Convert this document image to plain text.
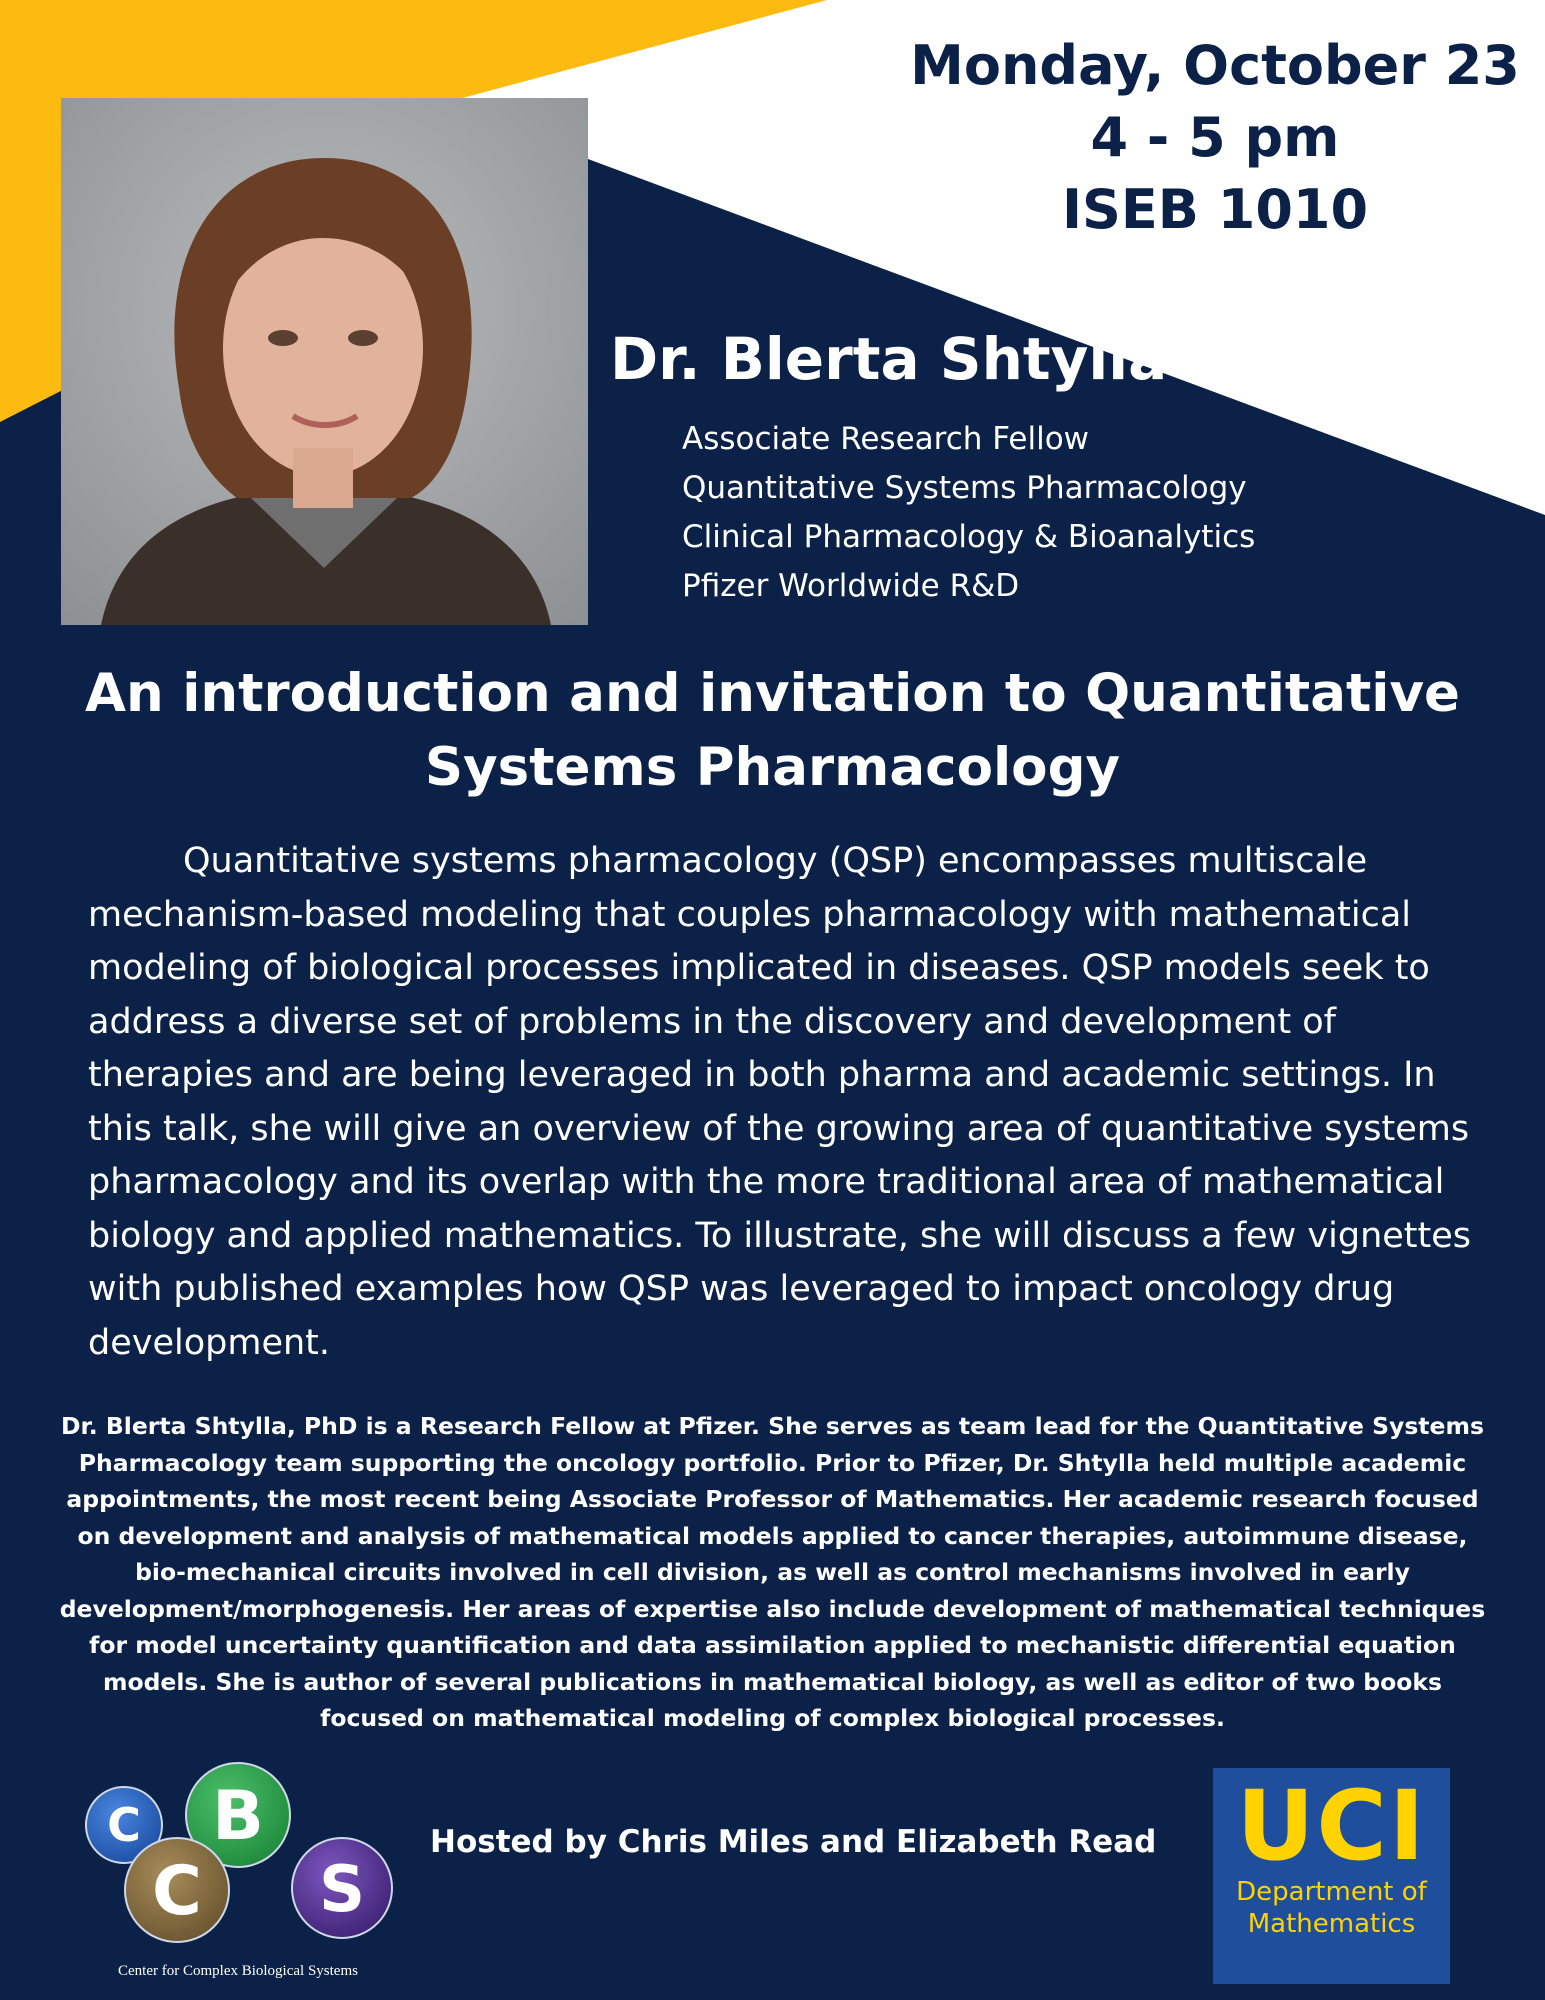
Monday, October 23
4 - 5 pm
ISEB 1010
Dr. Blerta Shtylla
Associate Research Fellow
Quantitative Systems Pharmacology
Clinical Pharmacology & Bioanalytics
Pfizer Worldwide R&D
An introduction and invitation to Quantitative Systems Pharmacology
Quantitative systems pharmacology (QSP) encompasses multiscale mechanism-based modeling that couples pharmacology with mathematical modeling of biological processes implicated in diseases. QSP models seek to address a diverse set of problems in the discovery and development of therapies and are being leveraged in both pharma and academic settings. In this talk, she will give an overview of the growing area of quantitative systems pharmacology and its overlap with the more traditional area of mathematical biology and applied mathematics. To illustrate, she will discuss a few vignettes with published examples how QSP was leveraged to impact oncology drug development.
Dr. Blerta Shtylla, PhD is a Research Fellow at Pfizer. She serves as team lead for the Quantitative Systems Pharmacology team supporting the oncology portfolio. Prior to Pfizer, Dr. Shtylla held multiple academic appointments, the most recent being Associate Professor of Mathematics. Her academic research focused on development and analysis of mathematical models applied to cancer therapies, autoimmune disease, bio-mechanical circuits involved in cell division, as well as control mechanisms involved in early development/morphogenesis. Her areas of expertise also include development of mathematical techniques for model uncertainty quantification and data assimilation applied to mechanistic differential equation models. She is author of several publications in mathematical biology, as well as editor of two books focused on mathematical modeling of complex biological processes.
C B
C S
Center for Complex Biological Systems
Hosted by Chris Miles and Elizabeth Read UCI
Department of
Mathematics
